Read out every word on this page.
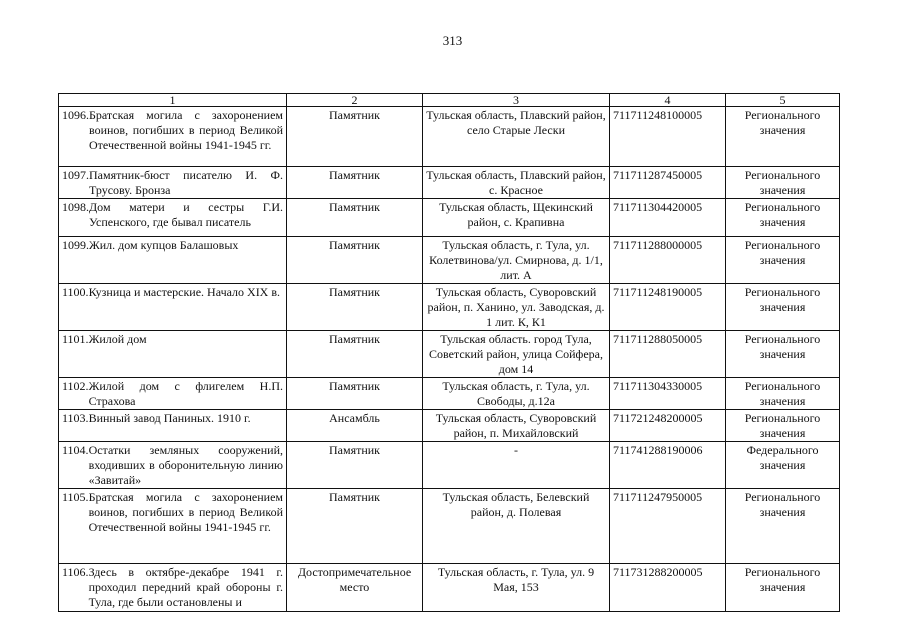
313
1	2	3	4	5

1096. Братская могила с захоронением воинов, погибших в период Великой Отечественной войны 1941-1945 гг.	Памятник	Тульская область, Плавский район, село Старые Лески	711711248100005	Регионального значения

1097. Памятник-бюст писателю И. Ф. Трусову. Бронза	Памятник	Тульская область, Плавский район, с. Красное	711711287450005	Регионального значения

1098. Дом матери и сестры Г.И. Успенского, где бывал писатель	Памятник	Тульская область, Щекинский район, с. Крапивна	711711304420005	Регионального значения

1099. Жил. дом купцов Балашовых	Памятник	Тульская область, г. Тула, ул. Колетвинова/ул. Смирнова, д. 1/1, лит. А	711711288000005	Регионального значения

1100. Кузница и мастерские. Начало XIX в.	Памятник	Тульская область, Суворовский район, п. Ханино, ул. Заводская, д. 1 лит. К, К1	711711248190005	Регионального значения

1101. Жилой дом	Памятник	Тульская область. город Тула, Советский район, улица Сойфера, дом 14	711711288050005	Регионального значения

1102. Жилой дом с флигелем Н.П. Страхова	Памятник	Тульская область, г. Тула, ул. Свободы, д.12а	711711304330005	Регионального значения

1103. Винный завод Паниных. 1910 г.	Ансамбль	Тульская область, Суворовский район, п. Михайловский	711721248200005	Регионального значения

1104. Остатки земляных сооружений, входивших в оборонительную линию «Завитай»	Памятник	-	711741288190006	Федерального значения

1105. Братская могила с захоронением воинов, погибших в период Великой Отечественной войны 1941-1945 гг.	Памятник	Тульская область, Белевский район, д. Полевая	711711247950005	Регионального значения

1106. Здесь в октябре-декабре 1941 г. проходил передний край обороны г. Тула, где были остановлены и	Достопримечательное место	Тульская область, г. Тула, ул. 9 Мая, 153	711731288200005	Регионального значения
